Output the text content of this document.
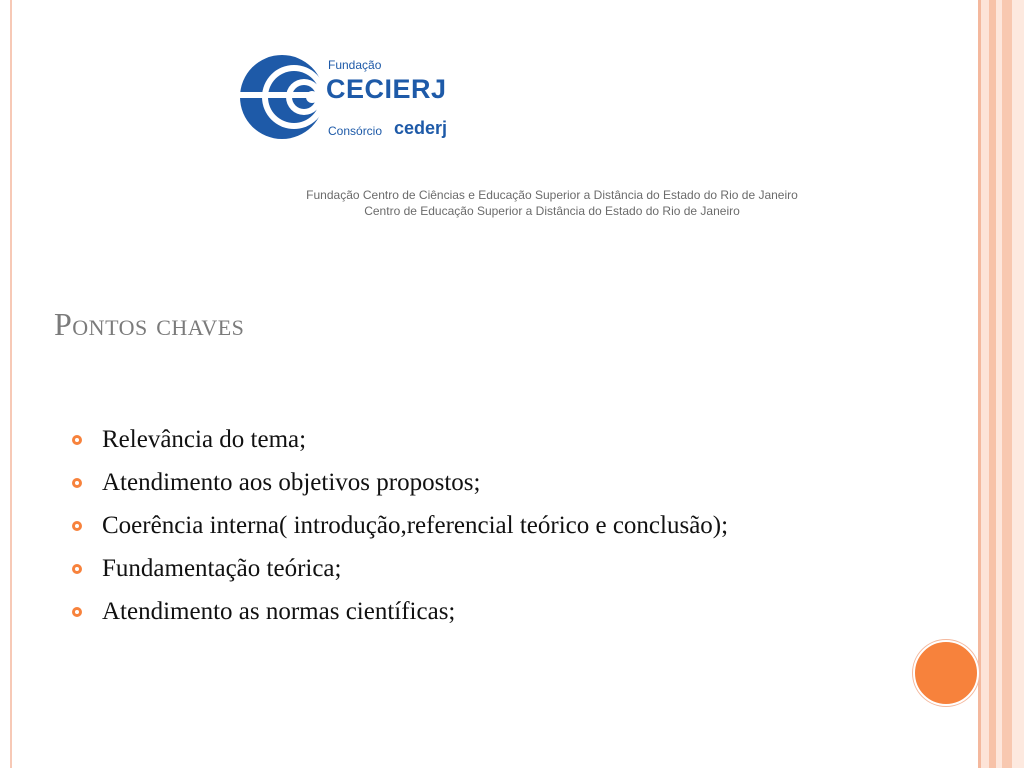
Fundação
CECIERJ
Consórcio cederj
Fundação Centro de Ciências e Educação Superior a Distância do Estado do Rio de Janeiro
Centro de Educação Superior a Distância do Estado do Rio de Janeiro
Pontos chaves
Relevância do tema;
Atendimento aos objetivos propostos;
Coerência interna( introdução,referencial teórico e conclusão);
Fundamentação teórica;
Atendimento as normas científicas;
